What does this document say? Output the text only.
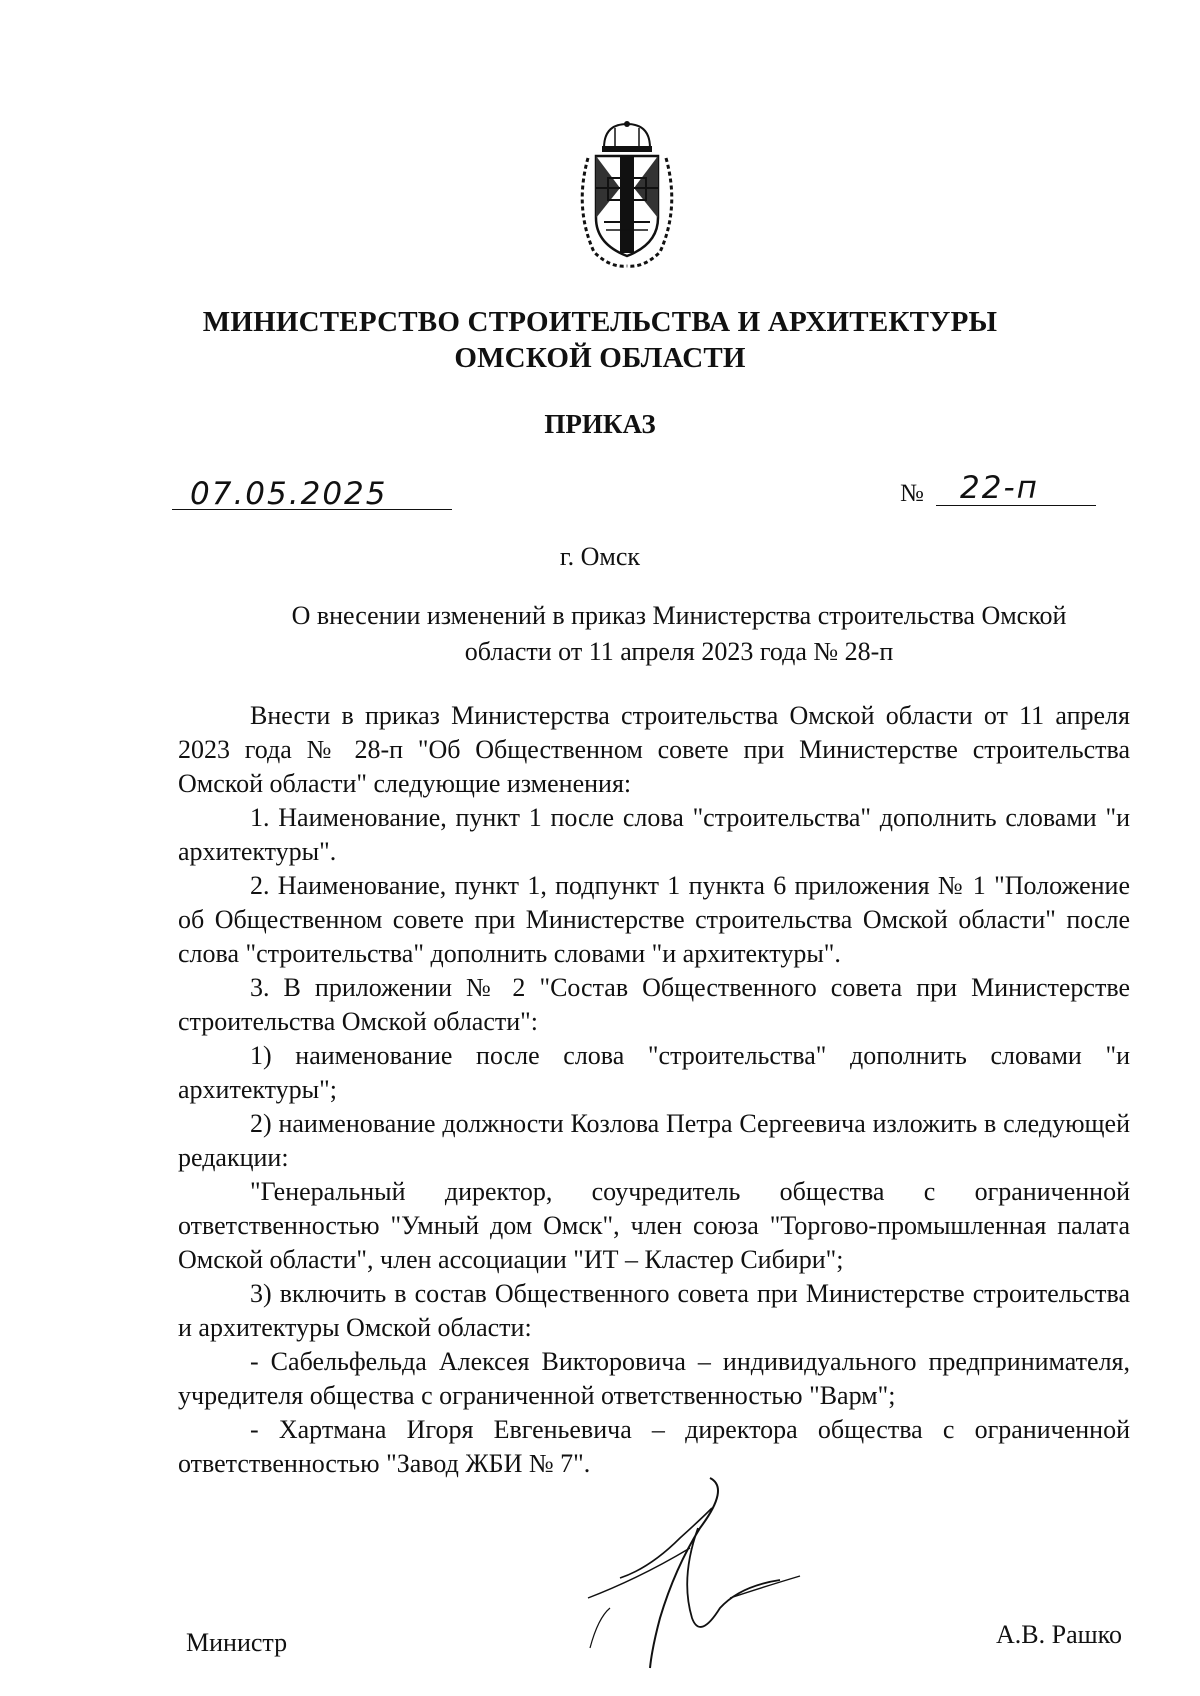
МИНИСТЕРСТВО СТРОИТЕЛЬСТВА И АРХИТЕКТУРЫ
ОМСКОЙ ОБЛАСТИ
ПРИКАЗ
07.05.2025	№ 22-п
г. Омск
О внесении изменений в приказ Министерства строительства Омской
области от 11 апреля 2023 года № 28-п

Внести в приказ Министерства строительства Омской области от 11 апреля 2023 года № 28-п "Об Общественном совете при Министерстве строительства Омской области" следующие изменения:

1. Наименование, пункт 1 после слова "строительства" дополнить словами "и архитектуры".

2. Наименование, пункт 1, подпункт 1 пункта 6 приложения № 1 "Положение об Общественном совете при Министерстве строительства Омской области" после слова "строительства" дополнить словами "и архитектуры".

3. В приложении № 2 "Состав Общественного совета при Министерстве строительства Омской области":

1) наименование после слова "строительства" дополнить словами "и архитектуры";

2) наименование должности Козлова Петра Сергеевича изложить в следующей редакции:

"Генеральный директор, соучредитель общества с ограниченной ответственностью "Умный дом Омск", член союза "Торгово-промышленная палата Омской области", член ассоциации "ИТ – Кластер Сибири";

3) включить в состав Общественного совета при Министерстве строительства и архитектуры Омской области:

- Сабельфельда Алексея Викторовича – индивидуального предпринимателя, учредителя общества с ограниченной ответственностью "Варм";

- Хартмана Игоря Евгеньевича – директора общества с ограниченной ответственностью "Завод ЖБИ № 7".

Министр	А.В. Рашко
